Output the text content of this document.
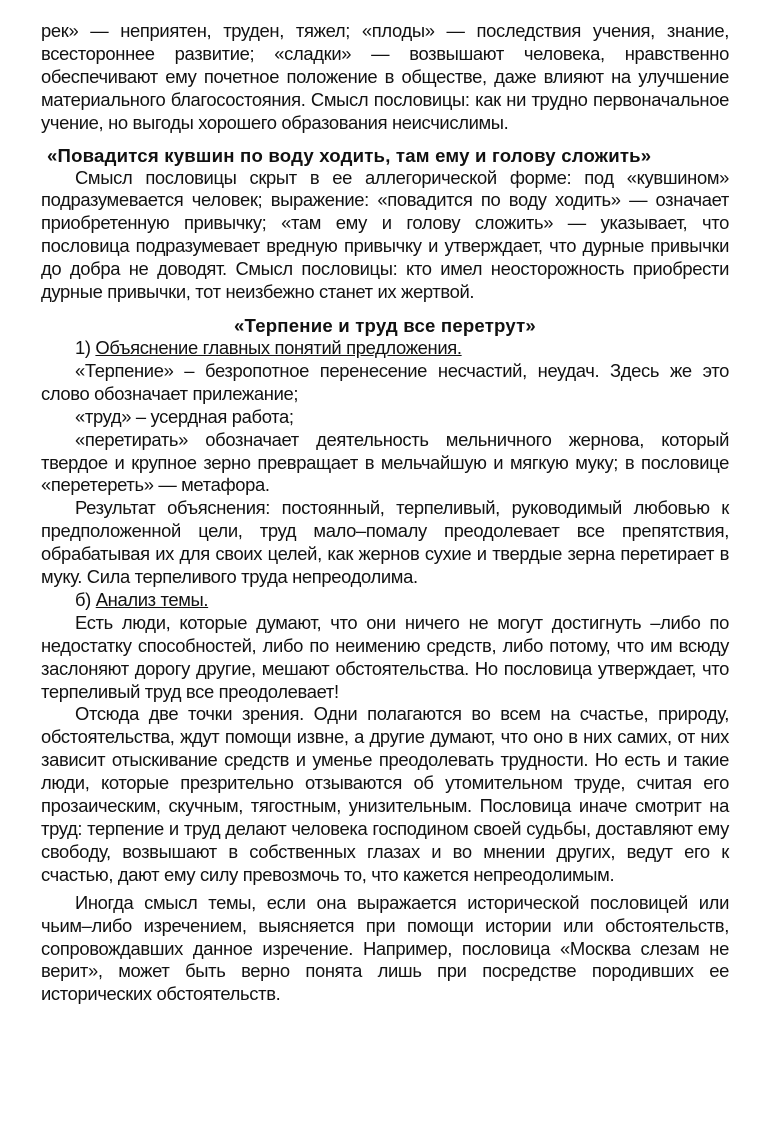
рек» — неприятен, труден, тяжел; «плоды» — последствия учения, знание, всестороннее развитие; «сладки» — возвышают человека, нравственно обеспечивают ему почетное положение в обществе, даже влияют на улучшение материального благосостояния. Смысл пословицы: как ни трудно первоначальное учение, но выгоды хорошего образования неисчислимы.

«Повадится кувшин по воду ходить, там ему и голову сложить»

Смысл пословицы скрыт в ее аллегорической форме: под «кувшином» подразумевается человек; выражение: «повадится по воду ходить» — означает приобретенную привычку; «там ему и голову сложить» — указывает, что пословица подразумевает вредную привычку и утверждает, что дурные привычки до добра не доводят. Смысл пословицы: кто имел неосторожность приобрести дурные привычки, тот неизбежно станет их жертвой.

«Терпение и труд все перетрут»

1) Объяснение главных понятий предложения.

«Терпение» – безропотное перенесение несчастий, неудач. Здесь же это слово обозначает прилежание;

«труд» – усердная работа;

«перетирать» обозначает деятельность мельничного жернова, который твердое и крупное зерно превращает в мельчайшую и мягкую муку; в пословице «перетереть» — метафора.

Результат объяснения: постоянный, терпеливый, руководимый любовью к предположенной цели, труд мало–помалу преодолевает все препятствия, обрабатывая их для своих целей, как жернов сухие и твердые зерна перетирает в муку. Сила терпеливого труда непреодолима.

б) Анализ темы.

Есть люди, которые думают, что они ничего не могут достигнуть –либо по недостатку способностей, либо по неимению средств, либо потому, что им всюду заслоняют дорогу другие, мешают обстоятельства. Но пословица утверждает, что терпеливый труд все преодолевает!

Отсюда две точки зрения. Одни полагаются во всем на счастье, природу, обстоятельства, ждут помощи извне, а другие думают, что оно в них самих, от них зависит отыскивание средств и уменье преодолевать трудности. Но есть и такие люди, которые презрительно отзываются об утомительном труде, считая его прозаическим, скучным, тягостным, унизительным. Пословица иначе смотрит на труд: терпение и труд делают человека господином своей судьбы, доставляют ему свободу, возвышают в собственных глазах и во мнении других, ведут его к счастью, дают ему силу превозмочь то, что кажется непреодолимым.

Иногда смысл темы, если она выражается исторической пословицей или чьим–либо изречением, выясняется при помощи истории или обстоятельств, сопровождавших данное изречение. Например, пословица «Москва слезам не верит», может быть верно понята лишь при посредстве породивших ее исторических обстоятельств.
